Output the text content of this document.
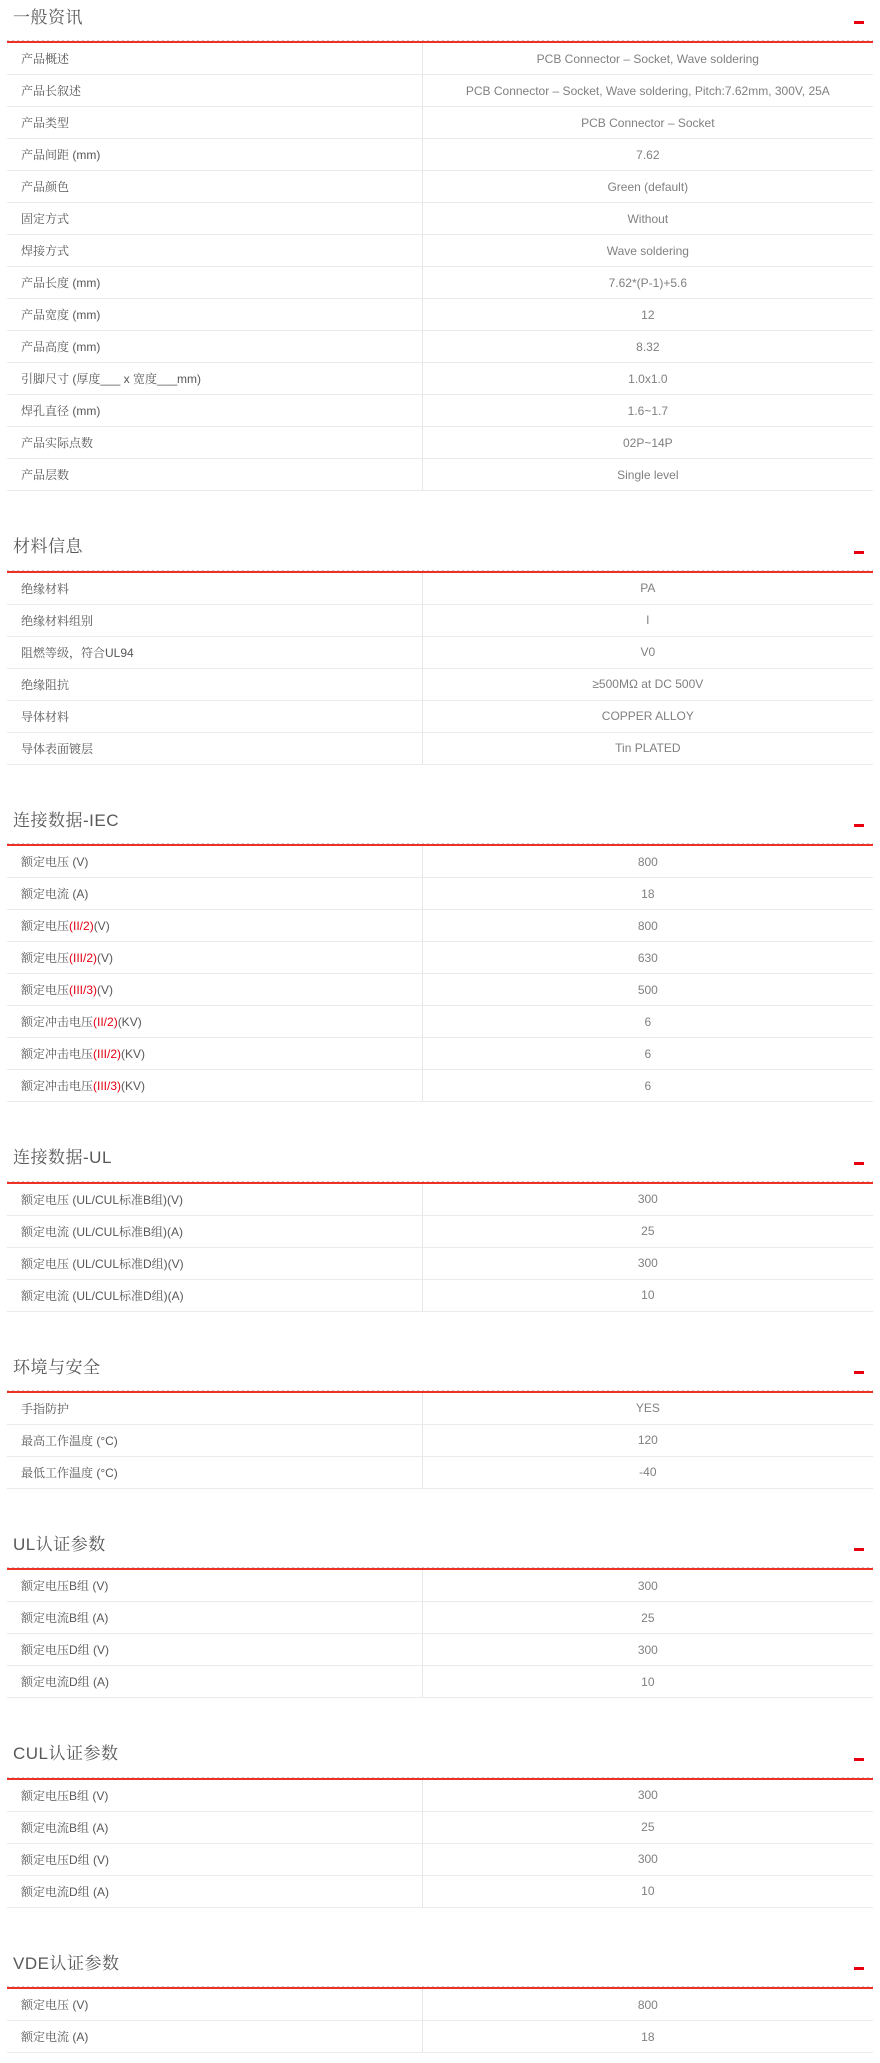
一般资讯
产品概述	PCB Connector – Socket, Wave soldering
产品长叙述	PCB Connector – Socket, Wave soldering, Pitch:7.62mm, 300V, 25A
产品类型	PCB Connector – Socket
产品间距 (mm)	7.62
产品颜色	Green (default)
固定方式	Without
焊接方式	Wave soldering
产品长度 (mm)	7.62*(P-1)+5.6
产品宽度 (mm)	12
产品高度 (mm)	8.32
引脚尺寸 (厚度___ x 宽度___mm)	1.0x1.0
焊孔直径 (mm)	1.6~1.7
产品实际点数	02P~14P
产品层数	Single level
材料信息
绝缘材料	PA
绝缘材料组别	I
阻燃等级，符合UL94	V0
绝缘阻抗	≥500MΩ at DC 500V
导体材料	COPPER ALLOY
导体表面镀层	Tin PLATED
连接数据-IEC
额定电压 (V)	800
额定电流 (A)	18
额定电压 (II/2) (V)	800
额定电压 (III/2) (V)	630
额定电压 (III/3) (V)	500
额定冲击电压 (II/2) (KV)	6
额定冲击电压 (III/2) (KV)	6
额定冲击电压 (III/3) (KV)	6
连接数据-UL
额定电压 (UL/CUL标准B组)(V)	300
额定电流 (UL/CUL标准B组)(A)	25
额定电压 (UL/CUL标准D组)(V)	300
额定电流 (UL/CUL标准D组)(A)	10
环境与安全
手指防护	YES
最高工作温度 (°C)	120
最低工作温度 (°C)	-40
UL认证参数
额定电压B组 (V)	300
额定电流B组 (A)	25
额定电压D组 (V)	300
额定电流D组 (A)	10
CUL认证参数
额定电压B组 (V)	300
额定电流B组 (A)	25
额定电压D组 (V)	300
额定电流D组 (A)	10
VDE认证参数
额定电压 (V)	800
额定电流 (A)	18
